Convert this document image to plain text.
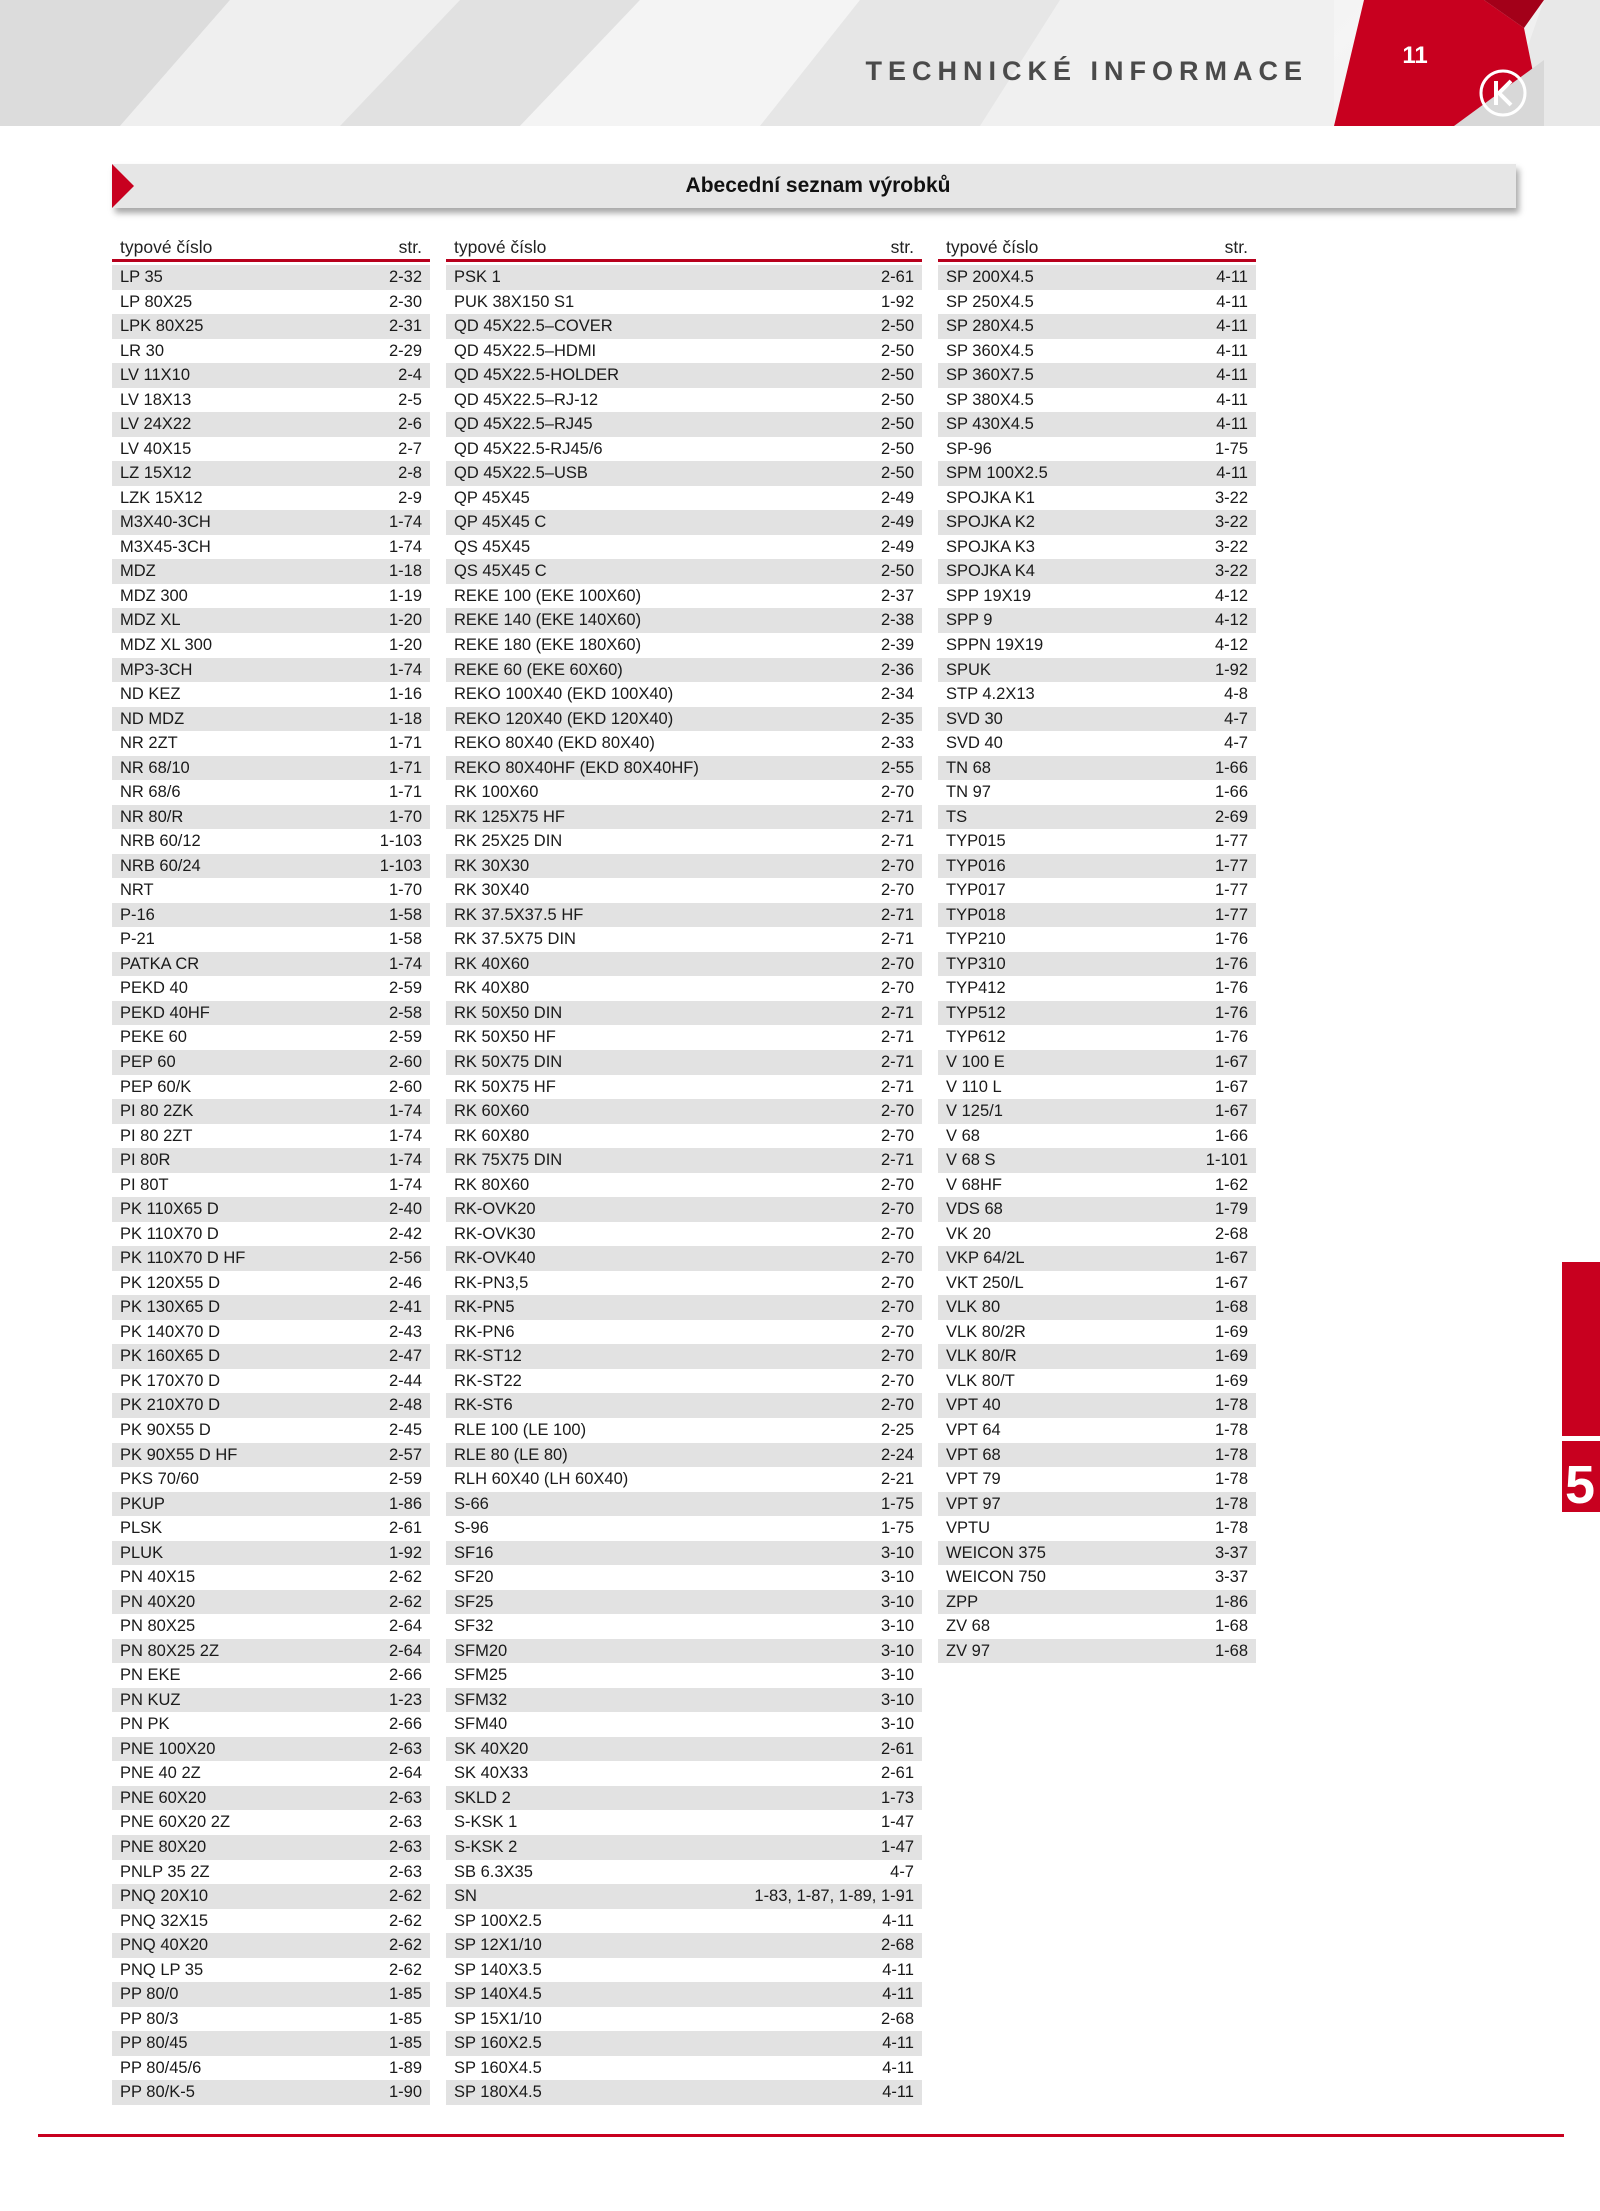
TECHNICKÉ INFORMACE
11
Abecední seznam výrobků
typové číslo	str.
LP 35	2-32
LP 80X25	2-30
LPK 80X25	2-31
LR 30	2-29
LV 11X10	2-4
LV 18X13	2-5
LV 24X22	2-6
LV 40X15	2-7
LZ 15X12	2-8
LZK 15X12	2-9
M3X40-3CH	1-74
M3X45-3CH	1-74
MDZ	1-18
MDZ 300	1-19
MDZ XL	1-20
MDZ XL 300	1-20
MP3-3CH	1-74
ND KEZ	1-16
ND MDZ	1-18
NR 2ZT	1-71
NR 68/10	1-71
NR 68/6	1-71
NR 80/R	1-70
NRB 60/12	1-103
NRB 60/24	1-103
NRT	1-70
P-16	1-58
P-21	1-58
PATKA CR	1-74
PEKD 40	2-59
PEKD 40HF	2-58
PEKE 60	2-59
PEP 60	2-60
PEP 60/K	2-60
PI 80 2ZK	1-74
PI 80 2ZT	1-74
PI 80R	1-74
PI 80T	1-74
PK 110X65 D	2-40
PK 110X70 D	2-42
PK 110X70 D HF	2-56
PK 120X55 D	2-46
PK 130X65 D	2-41
PK 140X70 D	2-43
PK 160X65 D	2-47
PK 170X70 D	2-44
PK 210X70 D	2-48
PK 90X55 D	2-45
PK 90X55 D HF	2-57
PKS 70/60	2-59
PKUP	1-86
PLSK	2-61
PLUK	1-92
PN 40X15	2-62
PN 40X20	2-62
PN 80X25	2-64
PN 80X25 2Z	2-64
PN EKE	2-66
PN KUZ	1-23
PN PK	2-66
PNE 100X20	2-63
PNE 40 2Z	2-64
PNE 60X20	2-63
PNE 60X20 2Z	2-63
PNE 80X20	2-63
PNLP 35 2Z	2-63
PNQ 20X10	2-62
PNQ 32X15	2-62
PNQ 40X20	2-62
PNQ LP 35	2-62
PP 80/0	1-85
PP 80/3	1-85
PP 80/45	1-85
PP 80/45/6	1-89
PP 80/K-5	1-90
typové číslo	str.
PSK 1	2-61
PUK 38X150 S1	1-92
QD 45X22.5–COVER	2-50
QD 45X22.5–HDMI	2-50
QD 45X22.5-HOLDER	2-50
QD 45X22.5–RJ-12	2-50
QD 45X22.5–RJ45	2-50
QD 45X22.5-RJ45/6	2-50
QD 45X22.5–USB	2-50
QP 45X45	2-49
QP 45X45 C	2-49
QS 45X45	2-49
QS 45X45 C	2-50
REKE 100 (EKE 100X60)	2-37
REKE 140 (EKE 140X60)	2-38
REKE 180 (EKE 180X60)	2-39
REKE 60 (EKE 60X60)	2-36
REKO 100X40 (EKD 100X40)	2-34
REKO 120X40 (EKD 120X40)	2-35
REKO 80X40 (EKD 80X40)	2-33
REKO 80X40HF (EKD 80X40HF)	2-55
RK 100X60	2-70
RK 125X75 HF	2-71
RK 25X25 DIN	2-71
RK 30X30	2-70
RK 30X40	2-70
RK 37.5X37.5 HF	2-71
RK 37.5X75 DIN	2-71
RK 40X60	2-70
RK 40X80	2-70
RK 50X50 DIN	2-71
RK 50X50 HF	2-71
RK 50X75 DIN	2-71
RK 50X75 HF	2-71
RK 60X60	2-70
RK 60X80	2-70
RK 75X75 DIN	2-71
RK 80X60	2-70
RK-OVK20	2-70
RK-OVK30	2-70
RK-OVK40	2-70
RK-PN3,5	2-70
RK-PN5	2-70
RK-PN6	2-70
RK-ST12	2-70
RK-ST22	2-70
RK-ST6	2-70
RLE 100 (LE 100)	2-25
RLE 80 (LE 80)	2-24
RLH 60X40 (LH 60X40)	2-21
S-66	1-75
S-96	1-75
SF16	3-10
SF20	3-10
SF25	3-10
SF32	3-10
SFM20	3-10
SFM25	3-10
SFM32	3-10
SFM40	3-10
SK 40X20	2-61
SK 40X33	2-61
SKLD 2	1-73
S-KSK 1	1-47
S-KSK 2	1-47
SB 6.3X35	4-7
SN	1-83, 1-87, 1-89, 1-91
SP 100X2.5	4-11
SP 12X1/10	2-68
SP 140X3.5	4-11
SP 140X4.5	4-11
SP 15X1/10	2-68
SP 160X2.5	4-11
SP 160X4.5	4-11
SP 180X4.5	4-11
typové číslo	str.
SP 200X4.5	4-11
SP 250X4.5	4-11
SP 280X4.5	4-11
SP 360X4.5	4-11
SP 360X7.5	4-11
SP 380X4.5	4-11
SP 430X4.5	4-11
SP-96	1-75
SPM 100X2.5	4-11
SPOJKA K1	3-22
SPOJKA K2	3-22
SPOJKA K3	3-22
SPOJKA K4	3-22
SPP 19X19	4-12
SPP 9	4-12
SPPN 19X19	4-12
SPUK	1-92
STP 4.2X13	4-8
SVD 30	4-7
SVD 40	4-7
TN 68	1-66
TN 97	1-66
TS	2-69
TYP015	1-77
TYP016	1-77
TYP017	1-77
TYP018	1-77
TYP210	1-76
TYP310	1-76
TYP412	1-76
TYP512	1-76
TYP612	1-76
V 100 E	1-67
V 110 L	1-67
V 125/1	1-67
V 68	1-66
V 68 S	1-101
V 68HF	1-62
VDS 68	1-79
VK 20	2-68
VKP 64/2L	1-67
VKT 250/L	1-67
VLK 80	1-68
VLK 80/2R	1-69
VLK 80/R	1-69
VLK 80/T	1-69
VPT 40	1-78
VPT 64	1-78
VPT 68	1-78
VPT 79	1-78
VPT 97	1-78
VPTU	1-78
WEICON 375	3-37
WEICON 750	3-37
ZPP	1-86
ZV 68	1-68
ZV 97	1-68
5
